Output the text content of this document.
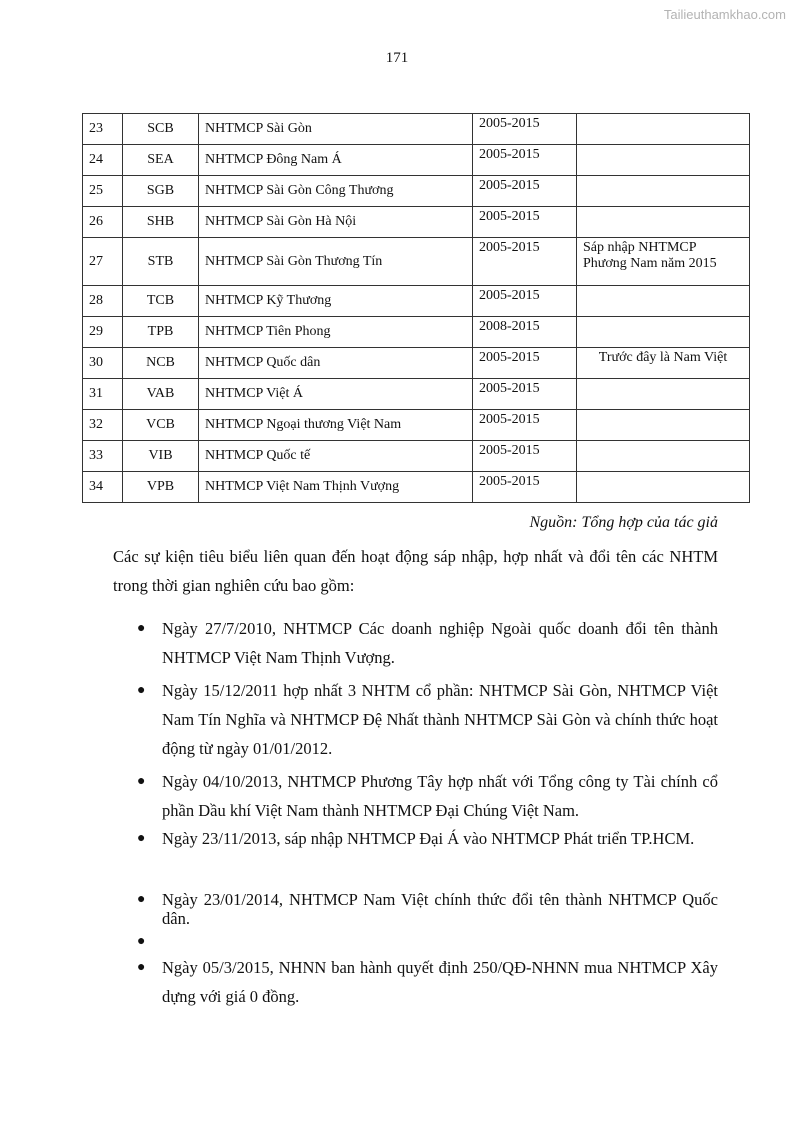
Tailieuthamkhao.com
171
23	SCB	NHTMCP Sài Gòn	2005-2015	
24	SEA	NHTMCP Đông Nam Á	2005-2015	
25	SGB	NHTMCP Sài Gòn Công Thương	2005-2015	
26	SHB	NHTMCP Sài Gòn Hà Nội	2005-2015	
27	STB	NHTMCP Sài Gòn Thương Tín	2005-2015	Sáp nhập NHTMCP Phương Nam năm 2015
28	TCB	NHTMCP Kỹ Thương	2005-2015	
29	TPB	NHTMCP Tiên Phong	2008-2015	
30	NCB	NHTMCP Quốc dân	2005-2015	Trước đây là Nam Việt
31	VAB	NHTMCP Việt Á	2005-2015	
32	VCB	NHTMCP Ngoại thương Việt Nam	2005-2015	
33	VIB	NHTMCP Quốc tế	2005-2015	
34	VPB	NHTMCP Việt Nam Thịnh Vượng	2005-2015	
Nguồn: Tổng hợp của tác giả
Các sự kiện tiêu biểu liên quan đến hoạt động sáp nhập, hợp nhất và đổi tên các NHTM trong thời gian nghiên cứu bao gồm:
● Ngày 27/7/2010, NHTMCP Các doanh nghiệp Ngoài quốc doanh đổi tên thành NHTMCP Việt Nam Thịnh Vượng.
● Ngày 15/12/2011 hợp nhất 3 NHTM cổ phần: NHTMCP Sài Gòn, NHTMCP Việt Nam Tín Nghĩa và NHTMCP Đệ Nhất thành NHTMCP Sài Gòn và chính thức hoạt động từ ngày 01/01/2012.
● Ngày 04/10/2013, NHTMCP Phương Tây hợp nhất với Tổng công ty Tài chính cổ phần Dầu khí Việt Nam thành NHTMCP Đại Chúng Việt Nam.
● Ngày 23/11/2013, sáp nhập NHTMCP Đại Á vào NHTMCP Phát triển TP.HCM.
● Ngày 23/01/2014, NHTMCP Nam Việt chính thức đổi tên thành NHTMCP Quốc dân.
●
● Ngày 05/3/2015, NHNN ban hành quyết định 250/QĐ-NHNN mua NHTMCP Xây dựng với giá 0 đồng.
